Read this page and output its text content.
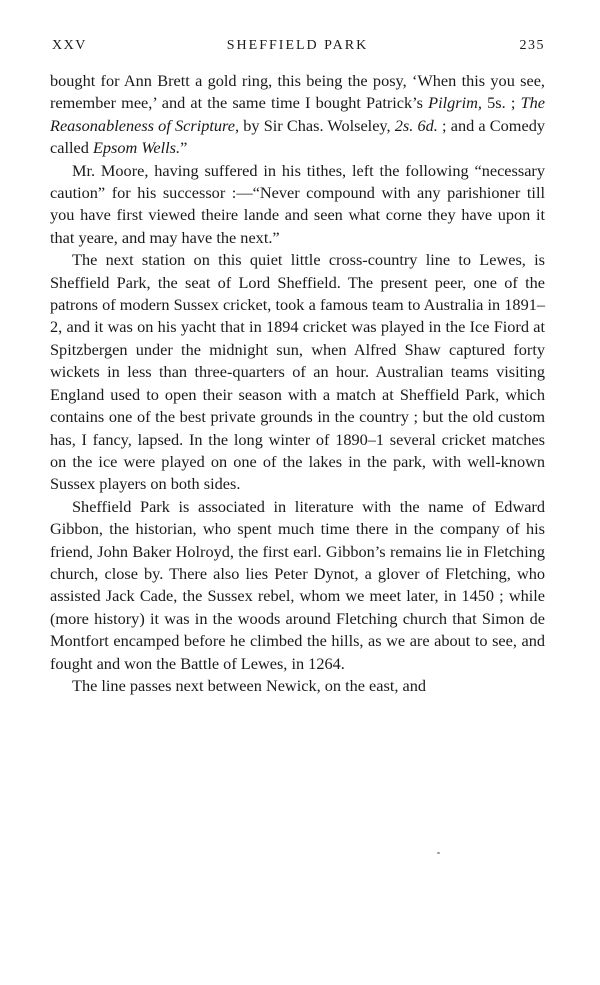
XXV	SHEFFIELD PARK	235

bought for Ann Brett a gold ring, this being the posy, ‘When this you see, remember mee,’ and at the same time I bought Patrick’s Pilgrim, 5s. ; The Reasonableness of Scripture, by Sir Chas. Wolseley, 2s. 6d. ; and a Comedy called Epsom Wells.”

Mr. Moore, having suffered in his tithes, left the following “necessary caution” for his successor :—“Never compound with any parishioner till you have first viewed theire lande and seen what corne they have upon it that yeare, and may have the next.”

The next station on this quiet little cross-country line to Lewes, is Sheffield Park, the seat of Lord Sheffield. The present peer, one of the patrons of modern Sussex cricket, took a famous team to Australia in 1891–2, and it was on his yacht that in 1894 cricket was played in the Ice Fiord at Spitzbergen under the midnight sun, when Alfred Shaw captured forty wickets in less than three-quarters of an hour. Australian teams visiting England used to open their season with a match at Sheffield Park, which contains one of the best private grounds in the country ; but the old custom has, I fancy, lapsed. In the long winter of 1890–1 several cricket matches on the ice were played on one of the lakes in the park, with well-known Sussex players on both sides.

Sheffield Park is associated in literature with the name of Edward Gibbon, the historian, who spent much time there in the company of his friend, John Baker Holroyd, the first earl. Gibbon’s remains lie in Fletching church, close by. There also lies Peter Dynot, a glover of Fletching, who assisted Jack Cade, the Sussex rebel, whom we meet later, in 1450 ; while (more history) it was in the woods around Fletching church that Simon de Montfort encamped before he climbed the hills, as we are about to see, and fought and won the Battle of Lewes, in 1264.

The line passes next between Newick, on the east, and
